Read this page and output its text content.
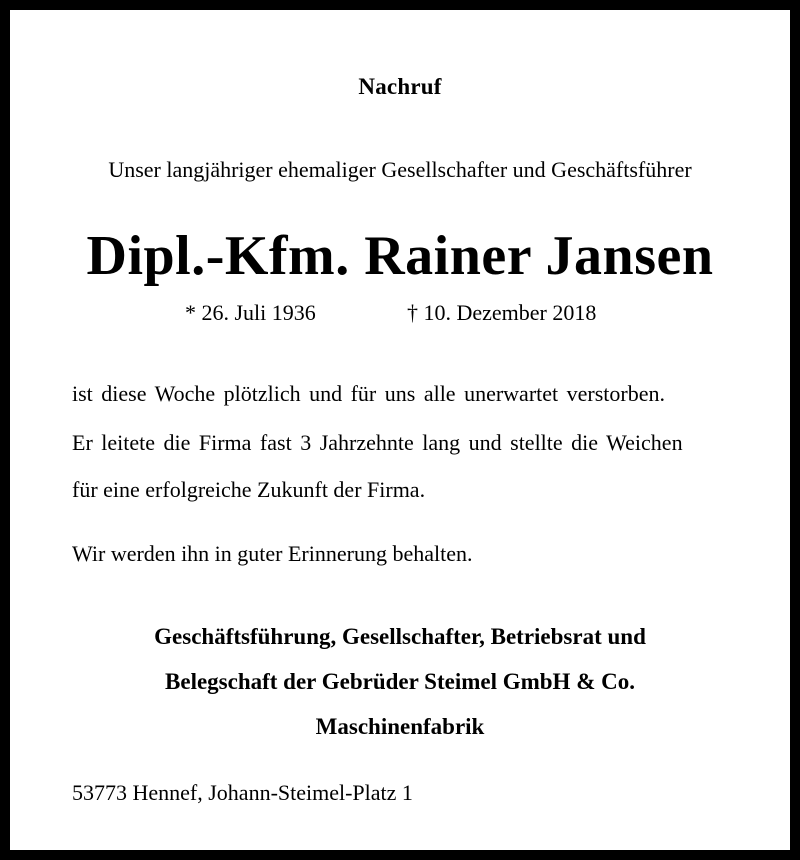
Nachruf
Unser langjähriger ehemaliger Gesellschafter und Geschäftsführer
Dipl.-Kfm. Rainer Jansen
* 26. Juli 1936	† 10. Dezember 2018
ist diese Woche plötzlich und für uns alle unerwartet verstorben.
Er leitete die Firma fast 3 Jahrzehnte lang und stellte die Weichen
für eine erfolgreiche Zukunft der Firma.
Wir werden ihn in guter Erinnerung behalten.
Geschäftsführung, Gesellschafter, Betriebsrat und
Belegschaft der Gebrüder Steimel GmbH & Co.
Maschinenfabrik
53773 Hennef, Johann-Steimel-Platz 1
